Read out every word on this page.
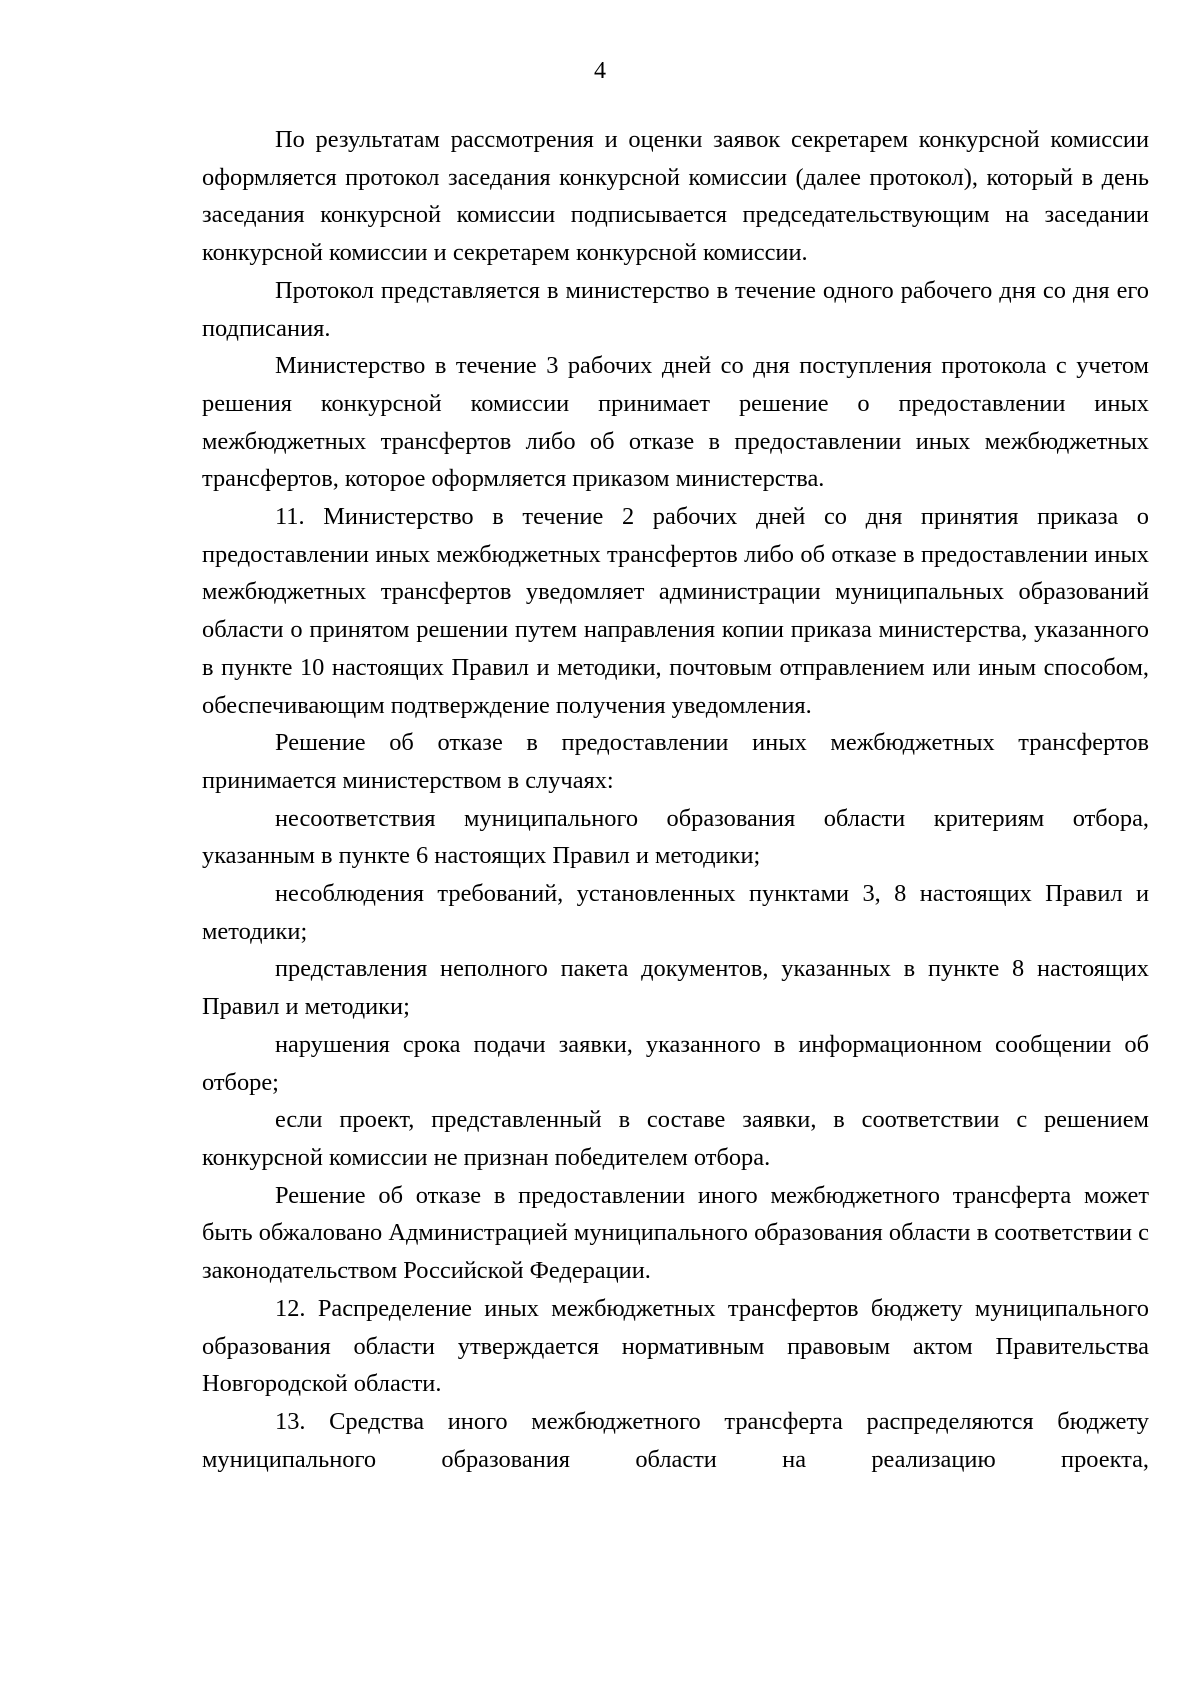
4

По результатам рассмотрения и оценки заявок секретарем конкурсной комиссии оформляется протокол заседания конкурсной комиссии (далее протокол), который в день заседания конкурсной комиссии подписывается председательствующим на заседании конкурсной комиссии и секретарем конкурсной комиссии.

Протокол представляется в министерство в течение одного рабочего дня со дня его подписания.

Министерство в течение 3 рабочих дней со дня поступления протокола с учетом решения конкурсной комиссии принимает решение о предоставлении иных межбюджетных трансфертов либо об отказе в предоставлении иных межбюджетных трансфертов, которое оформляется приказом министерства.

11. Министерство в течение 2 рабочих дней со дня принятия приказа о предоставлении иных межбюджетных трансфертов либо об отказе в предоставлении иных межбюджетных трансфертов уведомляет администрации муниципальных образований области о принятом решении путем направления копии приказа министерства, указанного в пункте 10 настоящих Правил и методики, почтовым отправлением или иным способом, обеспечивающим подтверждение получения уведомления.

Решение об отказе в предоставлении иных межбюджетных трансфертов принимается министерством в случаях:

несоответствия муниципального образования области критериям отбора, указанным в пункте 6 настоящих Правил и методики;

несоблюдения требований, установленных пунктами 3, 8 настоящих Правил и методики;

представления неполного пакета документов, указанных в пункте 8 настоящих Правил и методики;

нарушения срока подачи заявки, указанного в информационном сообщении об отборе;

если проект, представленный в составе заявки, в соответствии с решением конкурсной комиссии не признан победителем отбора.

Решение об отказе в предоставлении иного межбюджетного трансферта может быть обжаловано Администрацией муниципального образования области в соответствии с законодательством Российской Федерации.

12. Распределение иных межбюджетных трансфертов бюджету муниципального образования области утверждается нормативным правовым актом Правительства Новгородской области.

13. Средства иного межбюджетного трансферта распределяются бюджету муниципального образования области на реализацию проекта,
